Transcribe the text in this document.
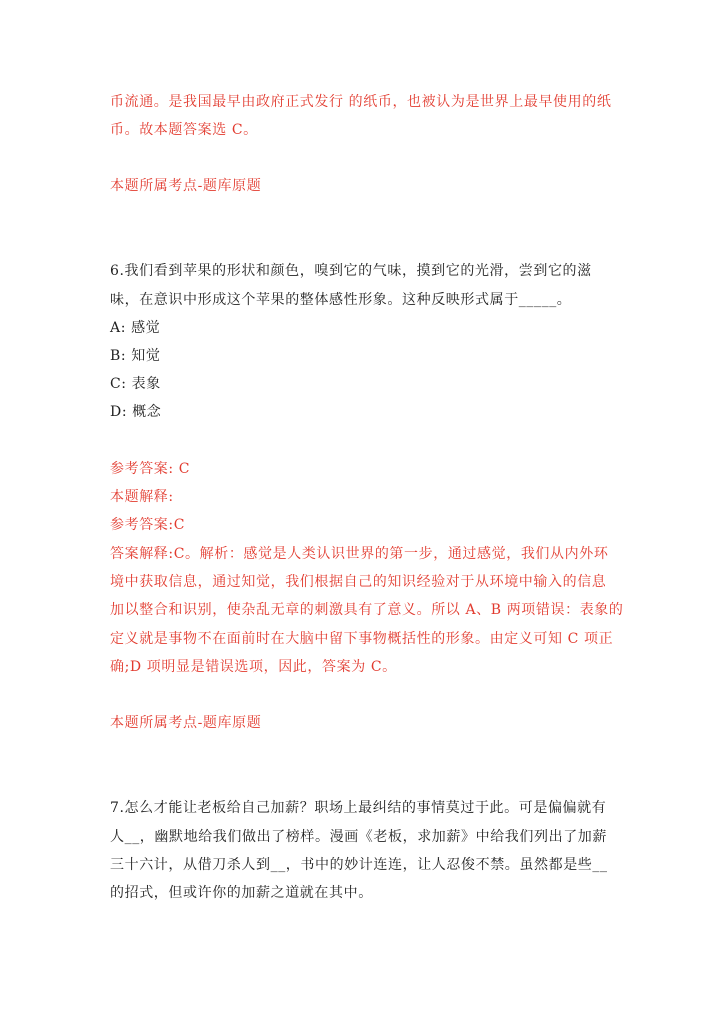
币流通。是我国最早由政府正式发行 的纸币，也被认为是世界上最早使用的纸
币。故本题答案选 C。
本题所属考点-题库原题
6.我们看到苹果的形状和颜色，嗅到它的气味，摸到它的光滑，尝到它的滋
味，在意识中形成这个苹果的整体感性形象。这种反映形式属于_____。
A: 感觉
B: 知觉
C: 表象
D: 概念
参考答案: C
本题解释:
参考答案:C
答案解释:C。解析：感觉是人类认识世界的第一步，通过感觉，我们从内外环
境中获取信息，通过知觉，我们根据自己的知识经验对于从环境中输入的信息
加以整合和识别，使杂乱无章的刺激具有了意义。所以 A、B 两项错误：表象的
定义就是事物不在面前时在大脑中留下事物概括性的形象。由定义可知 C 项正
确;D 项明显是错误选项，因此，答案为 C。
本题所属考点-题库原题
7.怎么才能让老板给自己加薪？职场上最纠结的事情莫过于此。可是偏偏就有
人__，幽默地给我们做出了榜样。漫画《老板，求加薪》中给我们列出了加薪
三十六计，从借刀杀人到__，书中的妙计连连，让人忍俊不禁。虽然都是些__
的招式，但或许你的加薪之道就在其中。
